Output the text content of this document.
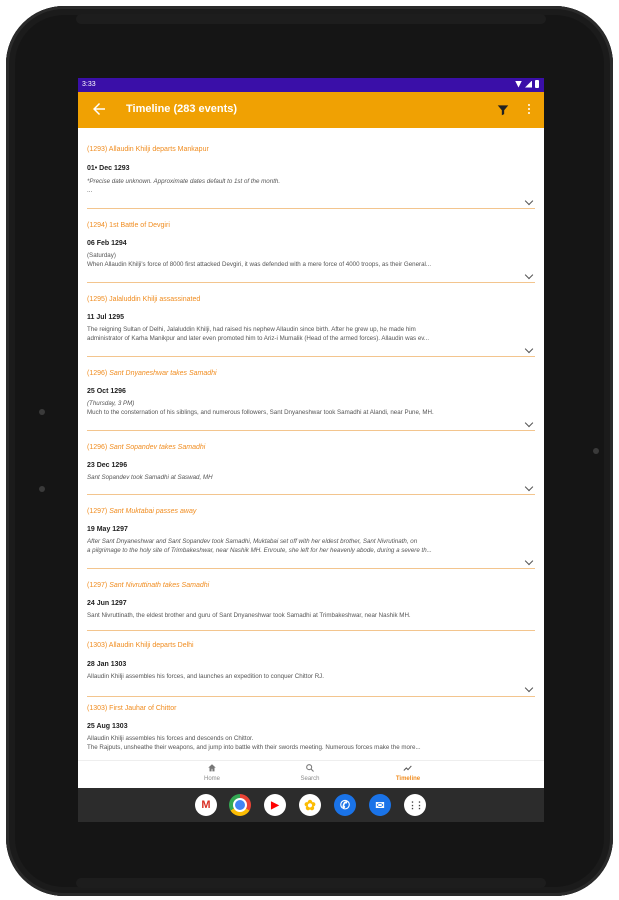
3:33
Timeline (283 events)
(1293) Allaudin Khilji departs Mankapur
01• Dec 1293
*Precise date unknown. Approximate dates default to 1st of the month.
...
(1294) 1st Battle of Devgiri
06 Feb 1294
(Saturday)
When Allaudin Khilji's force of 8000 first attacked Devgiri, it was defended with a mere force of 4000 troops, as their General...
(1295) Jalaluddin Khilji assassinated
11 Jul 1295
The reigning Sultan of Delhi, Jalaluddin Khilji, had raised his nephew Allaudin since birth. After he grew up, he made him
administrator of Karha Manikpur and later even promoted him to Ariz-i Mumalik (Head of the armed forces). Allaudin was ev...
(1296) Sant Dnyaneshwar takes Samadhi
25 Oct 1296
(Thursday, 3 PM)
Much to the consternation of his siblings, and numerous followers, Sant Dnyaneshwar took Samadhi at Alandi, near Pune, MH.
(1296) Sant Sopandev takes Samadhi
23 Dec 1296
Sant Sopandev took Samadhi at Saswad, MH
(1297) Sant Muktabai passes away
19 May 1297
After Sant Dnyaneshwar and Sant Sopandev took Samadhi, Muktabai set off with her eldest brother, Sant Nivrutinath, on
a pilgrimage to the holy site of Trimbakeshwar, near Nashik MH. Enroute, she left for her heavenly abode, during a severe th...
(1297) Sant Nivruttinath takes Samadhi
24 Jun 1297
Sant Nivruttinath, the eldest brother and guru of Sant Dnyaneshwar took Samadhi at Trimbakeshwar, near Nashik MH.
(1303) Allaudin Khilji departs Delhi
28 Jan 1303
Allaudin Khilji assembles his forces, and launches an expedition to conquer Chittor RJ.
(1303) First Jauhar of Chittor
25 Aug 1303
Allaudin Khilji assembles his forces and descends on Chittor.
The Rajputs, unsheathe their weapons, and jump into battle with their swords meeting. Numerous forces make the more...
Home	Search	Timeline
M	▶	✿	✆	✉	⋮⋮
